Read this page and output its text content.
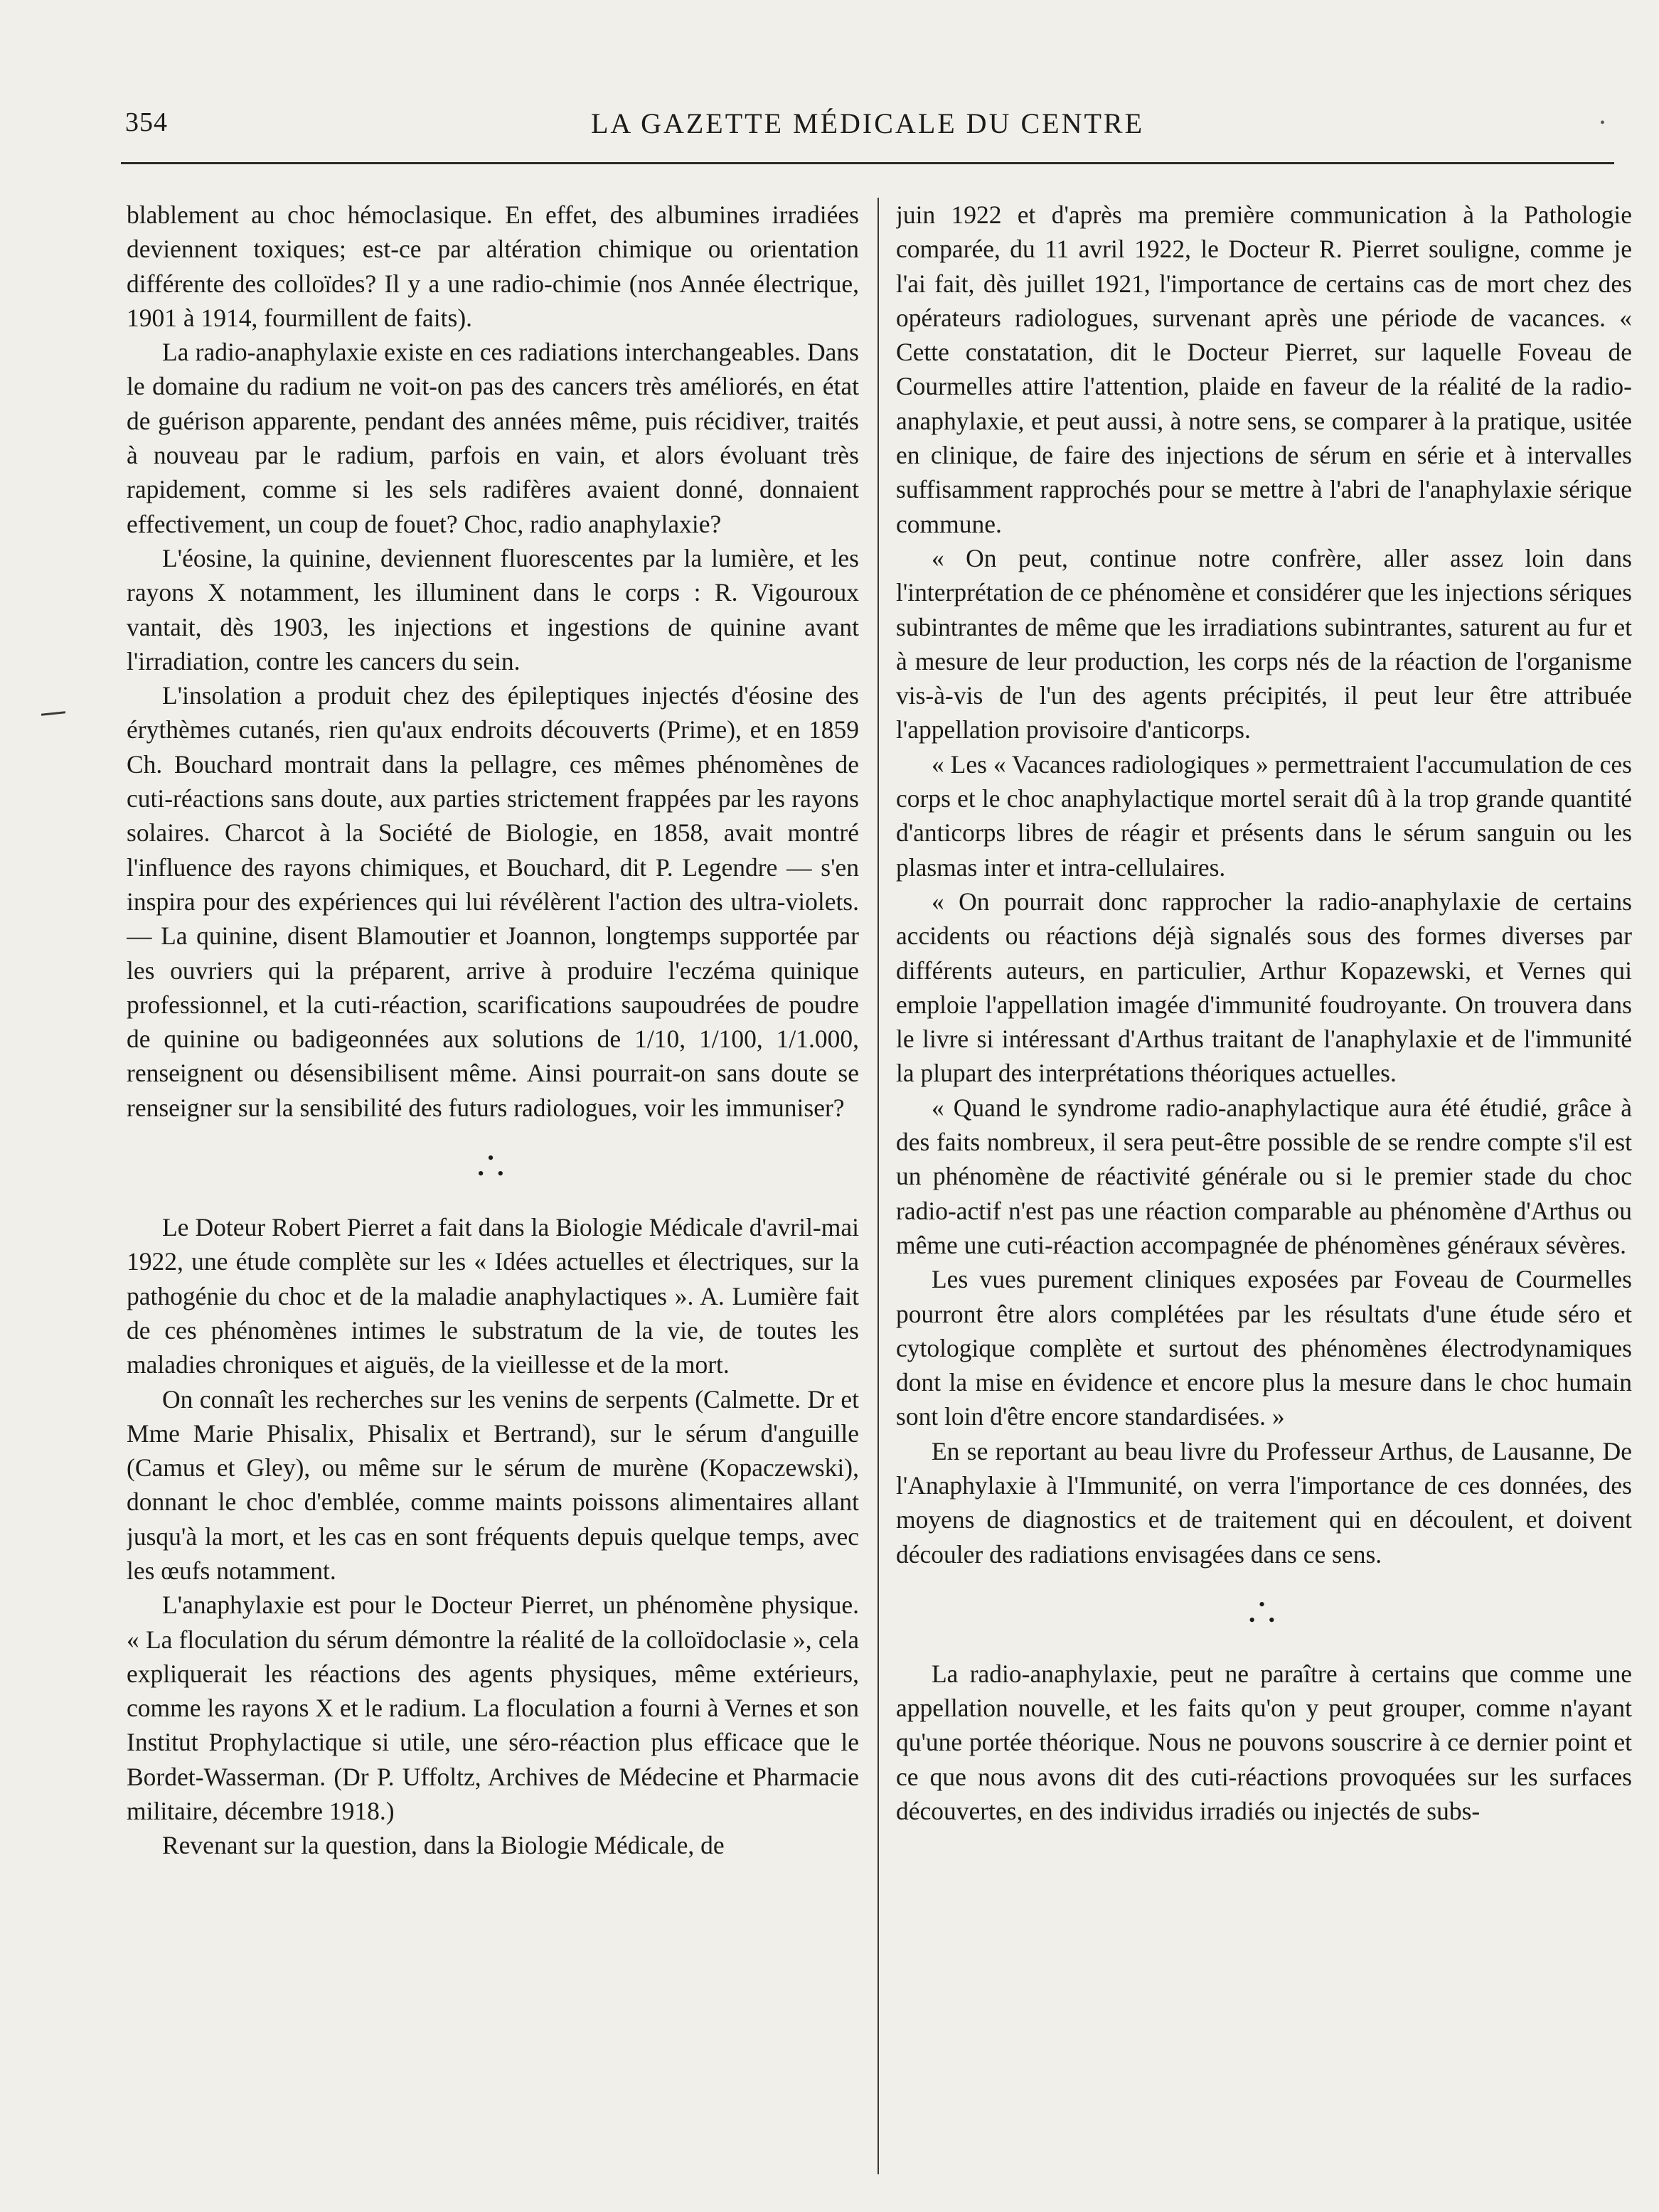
354	LA GAZETTE MÉDICALE DU CENTRE	•

blablement au choc hémoclasique. En effet, des albumines irradiées deviennent toxiques; est-ce par altération chimique ou orientation différente des colloïdes? Il y a une radio-chimie (nos Année électrique, 1901 à 1914, fourmillent de faits).

La radio-anaphylaxie existe en ces radiations interchangeables. Dans le domaine du radium ne voit-on pas des cancers très améliorés, en état de guérison apparente, pendant des années même, puis récidiver, traités à nouveau par le radium, parfois en vain, et alors évoluant très rapidement, comme si les sels radifères avaient donné, donnaient effectivement, un coup de fouet? Choc, radio anaphylaxie?

L'éosine, la quinine, deviennent fluorescentes par la lumière, et les rayons X notamment, les illuminent dans le corps : R. Vigouroux vantait, dès 1903, les injections et ingestions de quinine avant l'irradiation, contre les cancers du sein.

L'insolation a produit chez des épileptiques injectés d'éosine des érythèmes cutanés, rien qu'aux endroits découverts (Prime), et en 1859 Ch. Bouchard montrait dans la pellagre, ces mêmes phénomènes de cuti-réactions sans doute, aux parties strictement frappées par les rayons solaires. Charcot à la Société de Biologie, en 1858, avait montré l'influence des rayons chimiques, et Bouchard, dit P. Legendre — s'en inspira pour des expériences qui lui révélèrent l'action des ultra-violets. — La quinine, disent Blamoutier et Joannon, longtemps supportée par les ouvriers qui la préparent, arrive à produire l'eczéma quinique professionnel, et la cuti-réaction, scarifications saupoudrées de poudre de quinine ou badigeonnées aux solutions de 1/10, 1/100, 1/1.000, renseignent ou désensibilisent même. Ainsi pourrait-on sans doute se renseigner sur la sensibilité des futurs radiologues, voir les immuniser?

•
• •

Le Doteur Robert Pierret a fait dans la Biologie Médicale d'avril-mai 1922, une étude complète sur les « Idées actuelles et électriques, sur la pathogénie du choc et de la maladie anaphylactiques ». A. Lumière fait de ces phénomènes intimes le substratum de la vie, de toutes les maladies chroniques et aiguës, de la vieillesse et de la mort.

On connaît les recherches sur les venins de serpents (Calmette. Dr et Mme Marie Phisalix, Phisalix et Bertrand), sur le sérum d'anguille (Camus et Gley), ou même sur le sérum de murène (Kopaczewski), donnant le choc d'emblée, comme maints poissons alimentaires allant jusqu'à la mort, et les cas en sont fréquents depuis quelque temps, avec les œufs notamment.

L'anaphylaxie est pour le Docteur Pierret, un phénomène physique. « La floculation du sérum démontre la réalité de la colloïdoclasie », cela expliquerait les réactions des agents physiques, même extérieurs, comme les rayons X et le radium. La floculation a fourni à Vernes et son Institut Prophylactique si utile, une séro-réaction plus efficace que le Bordet-Wasserman. (Dr P. Uffoltz, Archives de Médecine et Pharmacie militaire, décembre 1918.)

Revenant sur la question, dans la Biologie Médicale, de

juin 1922 et d'après ma première communication à la Pathologie comparée, du 11 avril 1922, le Docteur R. Pierret souligne, comme je l'ai fait, dès juillet 1921, l'importance de certains cas de mort chez des opérateurs radiologues, survenant après une période de vacances. « Cette constatation, dit le Docteur Pierret, sur laquelle Foveau de Courmelles attire l'attention, plaide en faveur de la réalité de la radio-anaphylaxie, et peut aussi, à notre sens, se comparer à la pratique, usitée en clinique, de faire des injections de sérum en série et à intervalles suffisamment rapprochés pour se mettre à l'abri de l'anaphylaxie sérique commune.

« On peut, continue notre confrère, aller assez loin dans l'interprétation de ce phénomène et considérer que les injections sériques subintrantes de même que les irradiations subintrantes, saturent au fur et à mesure de leur production, les corps nés de la réaction de l'organisme vis-à-vis de l'un des agents précipités, il peut leur être attribuée l'appellation provisoire d'anticorps.

« Les « Vacances radiologiques » permettraient l'accumulation de ces corps et le choc anaphylactique mortel serait dû à la trop grande quantité d'anticorps libres de réagir et présents dans le sérum sanguin ou les plasmas inter et intra-cellulaires.

« On pourrait donc rapprocher la radio-anaphylaxie de certains accidents ou réactions déjà signalés sous des formes diverses par différents auteurs, en particulier, Arthur Kopazewski, et Vernes qui emploie l'appellation imagée d'immunité foudroyante. On trouvera dans le livre si intéressant d'Arthus traitant de l'anaphylaxie et de l'immunité la plupart des interprétations théoriques actuelles.

« Quand le syndrome radio-anaphylactique aura été étudié, grâce à des faits nombreux, il sera peut-être possible de se rendre compte s'il est un phénomène de réactivité générale ou si le premier stade du choc radio-actif n'est pas une réaction comparable au phénomène d'Arthus ou même une cuti-réaction accompagnée de phénomènes généraux sévères.

Les vues purement cliniques exposées par Foveau de Courmelles pourront être alors complétées par les résultats d'une étude séro et cytologique complète et surtout des phénomènes électrodynamiques dont la mise en évidence et encore plus la mesure dans le choc humain sont loin d'être encore standardisées. »

En se reportant au beau livre du Professeur Arthus, de Lausanne, De l'Anaphylaxie à l'Immunité, on verra l'importance de ces données, des moyens de diagnostics et de traitement qui en découlent, et doivent découler des radiations envisagées dans ce sens.

•
• •

La radio-anaphylaxie, peut ne paraître à certains que comme une appellation nouvelle, et les faits qu'on y peut grouper, comme n'ayant qu'une portée théorique. Nous ne pouvons souscrire à ce dernier point et ce que nous avons dit des cuti-réactions provoquées sur les surfaces découvertes, en des individus irradiés ou injectés de subs-
